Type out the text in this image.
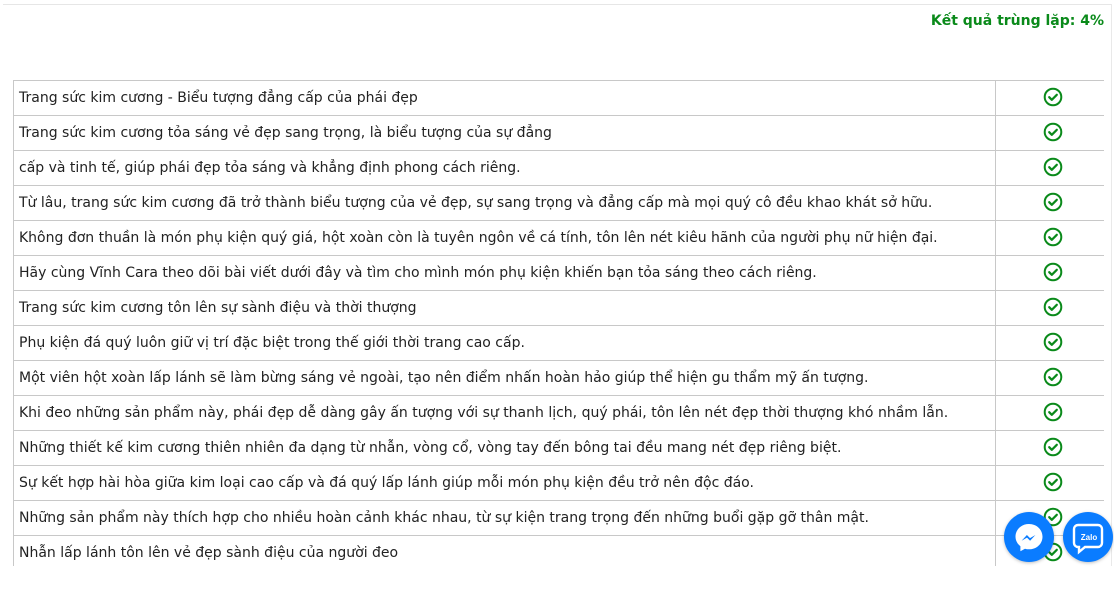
Kết quả trùng lặp: 4%
Trang sức kim cương - Biểu tượng đẳng cấp của phái đẹp	
Trang sức kim cương tỏa sáng vẻ đẹp sang trọng, là biểu tượng của sự đẳng	
cấp và tinh tế, giúp phái đẹp tỏa sáng và khẳng định phong cách riêng.	
Từ lâu, trang sức kim cương đã trở thành biểu tượng của vẻ đẹp, sự sang trọng và đẳng cấp mà mọi quý cô đều khao khát sở hữu.	
Không đơn thuần là món phụ kiện quý giá, hột xoàn còn là tuyên ngôn về cá tính, tôn lên nét kiêu hãnh của người phụ nữ hiện đại.	
Hãy cùng Vĩnh Cara theo dõi bài viết dưới đây và tìm cho mình món phụ kiện khiến bạn tỏa sáng theo cách riêng.	
Trang sức kim cương tôn lên sự sành điệu và thời thượng	
Phụ kiện đá quý luôn giữ vị trí đặc biệt trong thế giới thời trang cao cấp.	
Một viên hột xoàn lấp lánh sẽ làm bừng sáng vẻ ngoài, tạo nên điểm nhấn hoàn hảo giúp thể hiện gu thẩm mỹ ấn tượng.	
Khi đeo những sản phẩm này, phái đẹp dễ dàng gây ấn tượng với sự thanh lịch, quý phái, tôn lên nét đẹp thời thượng khó nhầm lẫn.	
Những thiết kế kim cương thiên nhiên đa dạng từ nhẫn, vòng cổ, vòng tay đến bông tai đều mang nét đẹp riêng biệt.	
Sự kết hợp hài hòa giữa kim loại cao cấp và đá quý lấp lánh giúp mỗi món phụ kiện đều trở nên độc đáo.	
Những sản phẩm này thích hợp cho nhiều hoàn cảnh khác nhau, từ sự kiện trang trọng đến những buổi gặp gỡ thân mật.	
Nhẫn lấp lánh tôn lên vẻ đẹp sành điệu của người đeo	
Zalo
